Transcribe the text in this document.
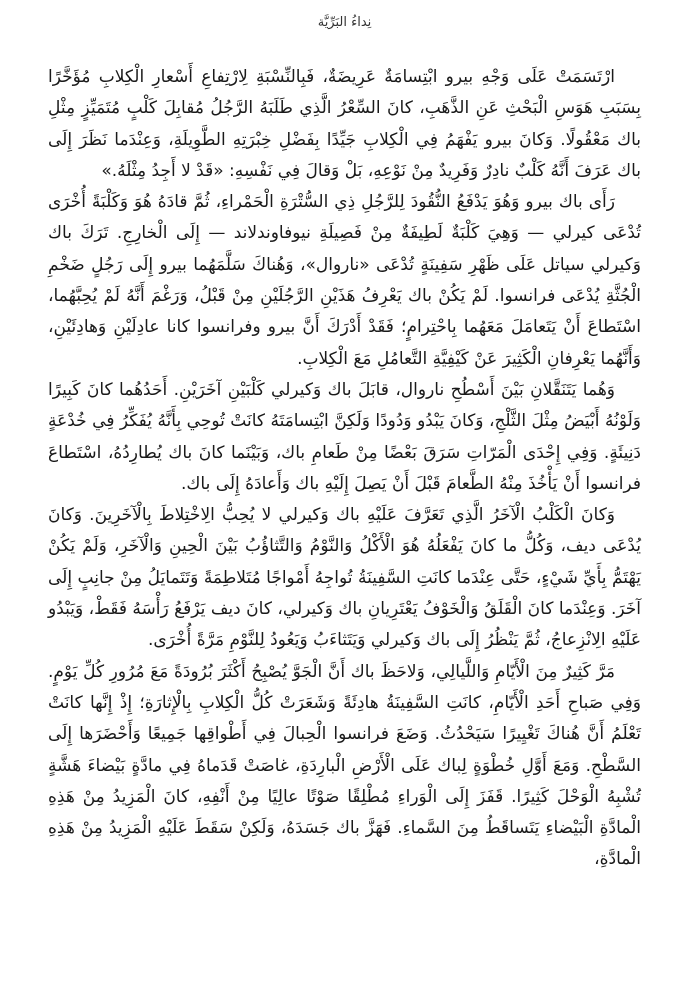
نِداءُ البَرِّيَّة

ارْتَسَمَتْ عَلَى وَجْهِ بيرو ابْتِسامَةٌ عَرِيضَةٌ، فَبِالنِّسْبَةِ لِارْتِفاعِ أَسْعارِ الْكِلابِ مُؤَخَّرًا بِسَبَبِ هَوَسِ الْبَحْثِ عَنِ الذَّهَبِ، كانَ السِّعْرُ الَّذِي طَلَبَهُ الرَّجُلُ مُقابِلَ كَلْبٍ مُتَمَيِّزٍ مِثْلِ باك مَعْقُولًا. وَكانَ بيرو يَفْهَمُ فِي الْكِلابِ جَيِّدًا بِفَضْلِ خِبْرَتِهِ الطَّوِيلَةِ، وَعِنْدَما نَظَرَ إِلَى باك عَرَفَ أَنَّهُ كَلْبٌ نادِرٌ وَفَرِيدٌ مِنْ نَوْعِهِ، بَلْ وَقالَ فِي نَفْسِهِ: «قَدْ لا أَجِدُ مِثْلَهُ.»

رَأَى باك بيرو وَهُوَ يَدْفَعُ النُّقُودَ لِلرَّجُلِ ذِي السُّتْرَةِ الْحَمْراءِ، ثُمَّ قادَهُ هُوَ وَكَلْبَةً أُخْرَى تُدْعَى كيرلي — وَهِيَ كَلْبَةٌ لَطِيفَةٌ مِنْ فَصِيلَةِ نيوفاوندلاند — إِلَى الْخارِجِ. تَرَكَ باك وَكيرلي سياتل عَلَى ظَهْرِ سَفِينَةٍ تُدْعَى «ناروال»، وَهُناكَ سَلَّمَهُما بيرو إِلَى رَجُلٍ ضَخْمِ الْجُثَّةِ يُدْعَى فرانسوا. لَمْ يَكُنْ باك يَعْرِفُ هَذَيْنِ الرَّجُلَيْنِ مِنْ قَبْلُ، وَرَغْمَ أَنَّهُ لَمْ يُحِبَّهُما، اسْتَطاعَ أَنْ يَتَعامَلَ مَعَهُما بِاحْتِرامٍ؛ فَقَدْ أَدْرَكَ أَنَّ بيرو وفرانسوا كانا عادِلَيْنِ وَهادِئَيْنِ، وَأَنَّهُما يَعْرِفانِ الْكَثِيرَ عَنْ كَيْفِيَّةِ التَّعامُلِ مَعَ الْكِلابِ.

وَهُما يَتَنَقَّلانِ بَيْنَ أَسْطُحِ ناروال، قابَلَ باك وَكيرلي كَلْبَيْنِ آخَرَيْنِ. أَحَدُهُما كانَ كَبِيرًا وَلَوْنُهُ أَبْيَضُ مِثْلَ الثَّلْجِ، وَكانَ يَبْدُو وَدُودًا وَلَكِنَّ ابْتِسامَتَهُ كانَتْ تُوحِي بِأَنَّهُ يُفَكِّرُ فِي خُدْعَةٍ دَنِيئَةٍ. وَفِي إِحْدَى الْمَرّاتِ سَرَقَ بَعْضًا مِنْ طَعامِ باك، وَبَيْنَما كانَ باك يُطارِدُهُ، اسْتَطاعَ فرانسوا أَنْ يَأْخُذَ مِنْهُ الطَّعامَ قَبْلَ أَنْ يَصِلَ إِلَيْهِ باك وَأَعادَهُ إِلَى باك.

وَكانَ الْكَلْبُ الْآخَرُ الَّذِي تَعَرَّفَ عَلَيْهِ باك وَكيرلي لا يُحِبُّ الِاخْتِلاطَ بِالْآخَرِينَ. وَكانَ يُدْعَى ديف، وَكُلُّ ما كانَ يَفْعَلُهُ هُوَ الْأَكْلُ وَالنَّوْمُ وَالتَّثاؤُبُ بَيْنَ الْحِينِ وَالْآخَرِ، وَلَمْ يَكُنْ يَهْتَمُّ بِأَيِّ شَيْءٍ، حَتَّى عِنْدَما كانَتِ السَّفِينَةُ تُواجِهُ أَمْواجًا مُتَلاطِمَةً وَتَتَمايَلُ مِنْ جانِبٍ إِلَى آخَرَ. وَعِنْدَما كانَ الْقَلَقُ وَالْخَوْفُ يَعْتَرِيانِ باك وَكيرلي، كانَ ديف يَرْفَعُ رَأْسَهُ فَقَطْ، وَيَبْدُو عَلَيْهِ الِانْزِعاجُ، ثُمَّ يَنْظُرُ إِلَى باك وَكيرلي وَيَتَثاءَبُ وَيَعُودُ لِلنَّوْمِ مَرَّةً أُخْرَى.

مَرَّ كَثِيرٌ مِنَ الْأَيّامِ وَاللَّيالِي، وَلاحَظَ باك أَنَّ الْجَوَّ يُصْبِحُ أَكْثَرَ بُرُودَةً مَعَ مُرُورِ كُلِّ يَوْمٍ. وَفِي صَباحِ أَحَدِ الْأَيّامِ، كانَتِ السَّفِينَةُ هادِئَةً وَشَعَرَتْ كُلُّ الْكِلابِ بِالْإِثارَةِ؛ إِذْ إِنَّها كانَتْ تَعْلَمُ أَنَّ هُناكَ تَغْيِيرًا سَيَحْدُثُ. وَضَعَ فرانسوا الْحِبالَ فِي أَطْواقِها جَمِيعًا وَأَحْضَرَها إِلَى السَّطْحِ. وَمَعَ أَوَّلِ خُطْوَةٍ لِباك عَلَى الْأَرْضِ الْبارِدَةِ، غاصَتْ قَدَماهُ فِي مادَّةٍ بَيْضاءَ هَشَّةٍ تُشْبِهُ الْوَحْلَ كَثِيرًا. قَفَزَ إِلَى الْوَراءِ مُطْلِقًا صَوْتًا عالِيًا مِنْ أَنْفِهِ، كانَ الْمَزِيدُ مِنْ هَذِهِ الْمادَّةِ الْبَيْضاءِ يَتَساقَطُ مِنَ السَّماءِ. فَهَزَّ باك جَسَدَهُ، وَلَكِنْ سَقَطَ عَلَيْهِ الْمَزِيدُ مِنْ هَذِهِ الْمادَّةِ،
